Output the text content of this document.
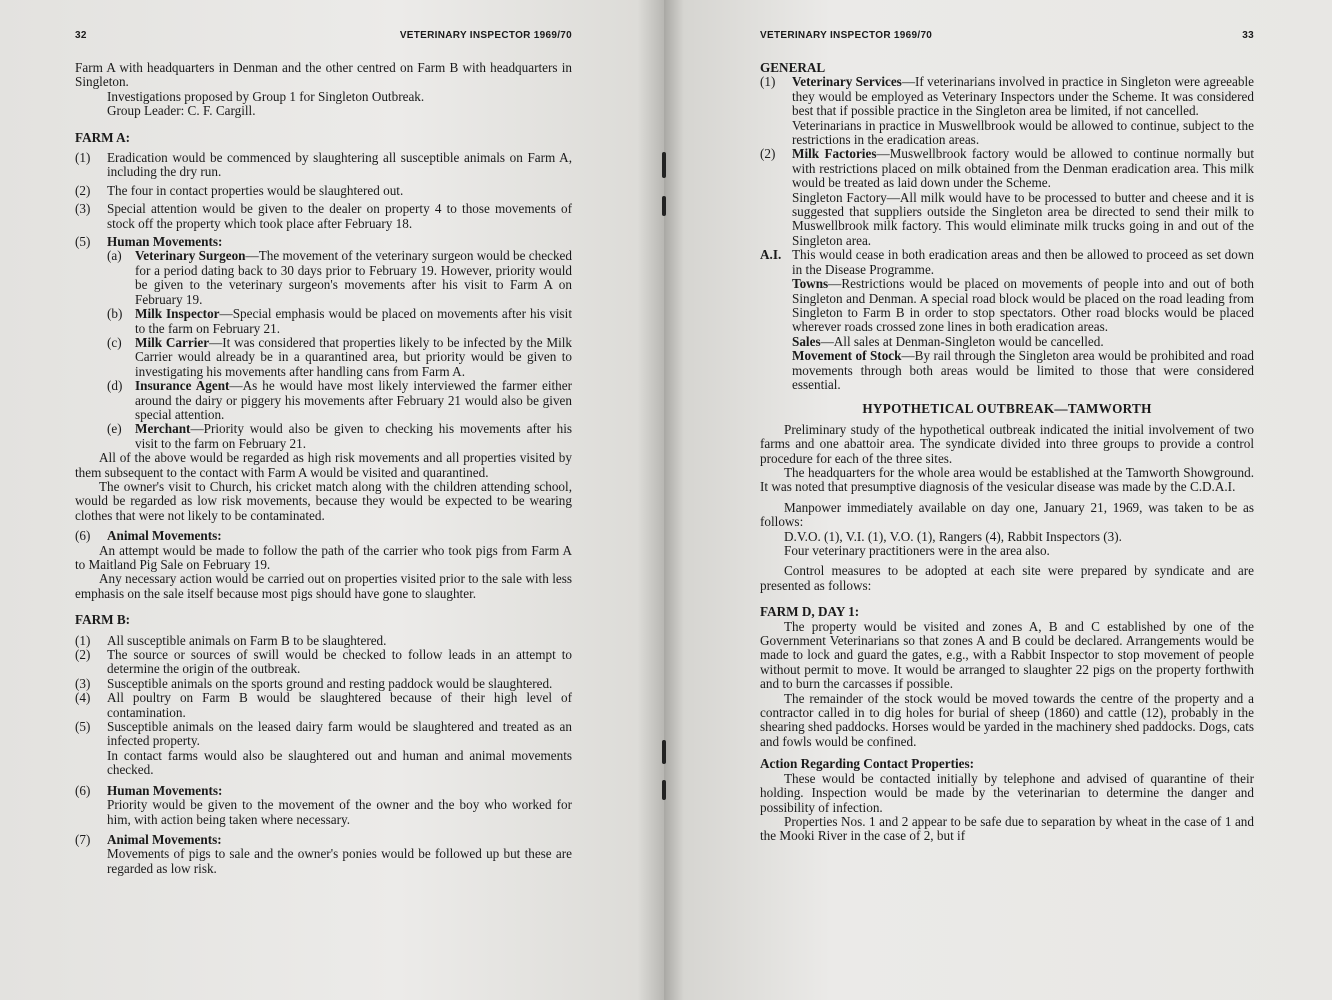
32	VETERINARY INSPECTOR 1969/70

Farm A with headquarters in Denman and the other centred on Farm B with headquarters in Singleton.

Investigations proposed by Group 1 for Singleton Outbreak.

Group Leader: C. F. Cargill.

FARM A:
(1)	Eradication would be commenced by slaughtering all susceptible animals on Farm A, including the dry run.
(2)	The four in contact properties would be slaughtered out.
(3)	Special attention would be given to the dealer on property 4 to those movements of stock off the property which took place after February 18.
(5)	Human Movements:
(a)	Veterinary Surgeon—The movement of the veterinary surgeon would be checked for a period dating back to 30 days prior to February 19. However, priority would be given to the veterinary surgeon's movements after his visit to Farm A on February 19.
(b) Milk Inspector—Special emphasis would be placed on movements after his visit to the farm on February 21.
(c)	Milk Carrier—It was considered that properties likely to be infected by the Milk Carrier would already be in a quarantined area, but priority would be given to investigating his movements after handling cans from Farm A.
(d) Insurance Agent—As he would have most likely interviewed the farmer either around the dairy or piggery his movements after February 21 would also be given special attention.
(e)	Merchant—Priority would also be given to checking his movements after his visit to the farm on February 21.

All of the above would be regarded as high risk movements and all properties visited by them subsequent to the contact with Farm A would be visited and quarantined.

The owner's visit to Church, his cricket match along with the children attending school, would be regarded as low risk movements, because they would be expected to be wearing clothes that were not likely to be contaminated.

(6)	Animal Movements:

An attempt would be made to follow the path of the carrier who took pigs from Farm A to Maitland Pig Sale on February 19.

Any necessary action would be carried out on properties visited prior to the sale with less emphasis on the sale itself because most pigs should have gone to slaughter.

FARM B:
(1)	All susceptible animals on Farm B to be slaughtered.
(2)	The source or sources of swill would be checked to follow leads in an attempt to determine the origin of the outbreak.
(3)	Susceptible animals on the sports ground and resting paddock would be slaughtered.
(4)	All poultry on Farm B would be slaughtered because of their high level of contamination.
(5)	Susceptible animals on the leased dairy farm would be slaughtered and treated as an infected property.

In contact farms would also be slaughtered out and human and animal movements checked.

(6)	Human Movements:

Priority would be given to the movement of the owner and the boy who worked for him, with action being taken where necessary.

(7)	Animal Movements:

Movements of pigs to sale and the owner's ponies would be followed up but these are regarded as low risk.

VETERINARY INSPECTOR 1969/70	33
GENERAL
(1)	Veterinary Services—If veterinarians involved in practice in Singleton were agreeable they would be employed as Veterinary Inspectors under the Scheme. It was considered best that if possible practice in the Singleton area be limited, if not cancelled.

Veterinarians in practice in Muswellbrook would be allowed to continue, subject to the restrictions in the eradication areas.

(2)	Milk Factories—Muswellbrook factory would be allowed to continue normally but with restrictions placed on milk obtained from the Denman eradication area. This milk would be treated as laid down under the Scheme.

Singleton Factory—All milk would have to be processed to butter and cheese and it is suggested that suppliers outside the Singleton area be directed to send their milk to Muswellbrook milk factory. This would eliminate milk trucks going in and out of the Singleton area.

A.I. This would cease in both eradication areas and then be allowed to proceed as set down in the Disease Programme.

Towns—Restrictions would be placed on movements of people into and out of both Singleton and Denman. A special road block would be placed on the road leading from Singleton to Farm B in order to stop spectators. Other road blocks would be placed wherever roads crossed zone lines in both eradication areas.

Sales—All sales at Denman-Singleton would be cancelled.

Movement of Stock—By rail through the Singleton area would be prohibited and road movements through both areas would be limited to those that were considered essential.

HYPOTHETICAL OUTBREAK—TAMWORTH

Preliminary study of the hypothetical outbreak indicated the initial involvement of two farms and one abattoir area. The syndicate divided into three groups to provide a control procedure for each of the three sites.

The headquarters for the whole area would be established at the Tamworth Showground. It was noted that presumptive diagnosis of the vesicular disease was made by the C.D.A.I.

Manpower immediately available on day one, January 21, 1969, was taken to be as follows:

D.V.O. (1), V.I. (1), V.O. (1), Rangers (4), Rabbit Inspectors (3).

Four veterinary practitioners were in the area also.

Control measures to be adopted at each site were prepared by syndicate and are presented as follows:

FARM D, DAY 1:

The property would be visited and zones A, B and C established by one of the Government Veterinarians so that zones A and B could be declared. Arrangements would be made to lock and guard the gates, e.g., with a Rabbit Inspector to stop movement of people without permit to move. It would be arranged to slaughter 22 pigs on the property forthwith and to burn the carcasses if possible.

The remainder of the stock would be moved towards the centre of the property and a contractor called in to dig holes for burial of sheep (1860) and cattle (12), probably in the shearing shed paddocks. Horses would be yarded in the machinery shed paddocks. Dogs, cats and fowls would be confined.

Action Regarding Contact Properties:

These would be contacted initially by telephone and advised of quarantine of their holding. Inspection would be made by the veterinarian to determine the danger and possibility of infection.

Properties Nos. 1 and 2 appear to be safe due to separation by wheat in the case of 1 and the Mooki River in the case of 2, but if
